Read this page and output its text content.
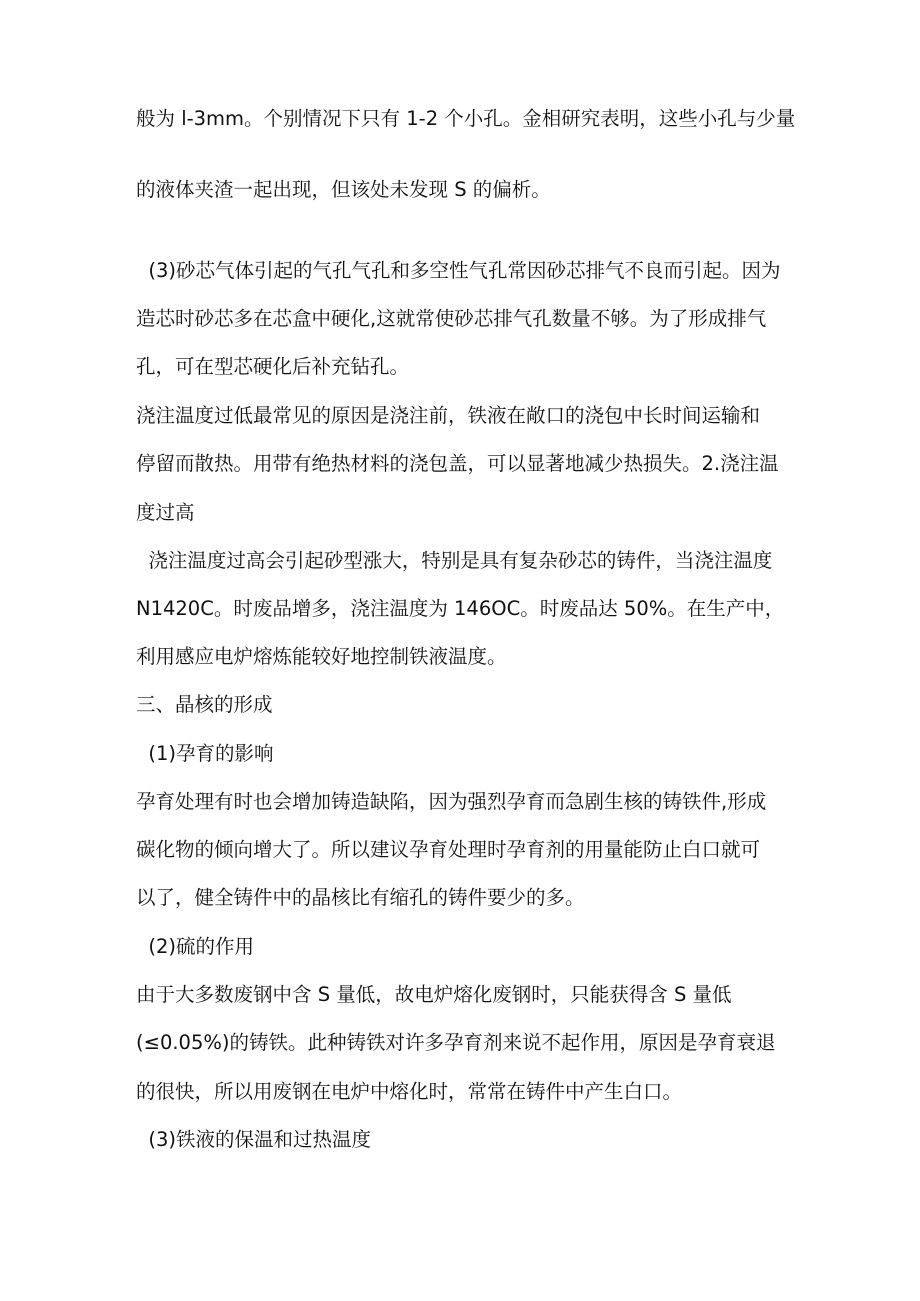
般为 l-3mm。个别情况下只有 1-2 个小孔。金相研究表明，这些小孔与少量
的液体夹渣一起出现，但该处未发现 S 的偏析。
(3)砂芯气体引起的气孔气孔和多空性气孔常因砂芯排气不良而引起。因为
造芯时砂芯多在芯盒中硬化,这就常使砂芯排气孔数量不够。为了形成排气
孔，可在型芯硬化后补充钻孔。
浇注温度过低最常见的原因是浇注前，铁液在敞口的浇包中长时间运输和
停留而散热。用带有绝热材料的浇包盖，可以显著地减少热损失。2.浇注温
度过高
浇注温度过高会引起砂型涨大，特别是具有复杂砂芯的铸件，当浇注温度
N1420C。时废品增多，浇注温度为 146OC。时废品达 50%。在生产中，
利用感应电炉熔炼能较好地控制铁液温度。
三、晶核的形成
(1)孕育的影响
孕育处理有时也会增加铸造缺陷，因为强烈孕育而急剧生核的铸铁件,形成
碳化物的倾向增大了。所以建议孕育处理时孕育剂的用量能防止白口就可
以了，健全铸件中的晶核比有缩孔的铸件要少的多。
(2)硫的作用
由于大多数废钢中含 S 量低，故电炉熔化废钢时，只能获得含 S 量低
(≤0.05%)的铸铁。此种铸铁对许多孕育剂来说不起作用，原因是孕育衰退
的很快，所以用废钢在电炉中熔化时，常常在铸件中产生白口。
(3)铁液的保温和过热温度
